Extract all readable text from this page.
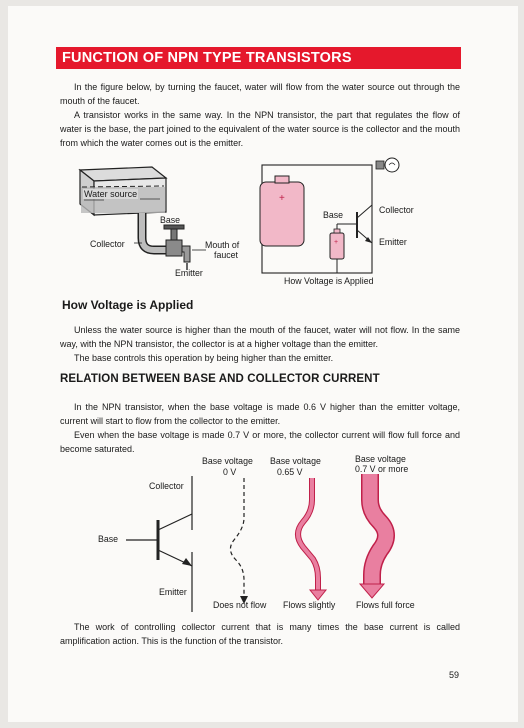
FUNCTION OF NPN TYPE TRANSISTORS
In the figure below, by turning the faucet, water will flow from the water source out through the mouth of the faucet.
A transistor works in the same way. In the NPN transistor, the part that regulates the flow of water is the base, the part joined to the equivalent of the water source is the collector and the mouth from which the water comes out is the emitter.
+
+
Water source
Base
Collector	Mouth of
faucet
Emitter
Base	Collector
Emitter
How Voltage is Applied
How Voltage is Applied
Unless the water source is higher than the mouth of the faucet, water will not flow. In the same way, with the NPN transistor, the collector is at a higher voltage than the emitter.
The base controls this operation by being higher than the emitter.
RELATION BETWEEN BASE AND COLLECTOR CURRENT
In the NPN transistor, when the base voltage is made 0.6 V higher than the emitter voltage, current will start to flow from the collector to the emitter.
Even when the base voltage is made 0.7 V or more, the collector current will flow full force and become saturated.
Base voltage
0 V
Base voltage
0.65 V
Base voltage
0.7 V or more
Collector
Base
Emitter
Does not flow Flows slightly Flows full force
The work of controlling collector current that is many times the base current is called amplification action. This is the function of the transistor.
59
